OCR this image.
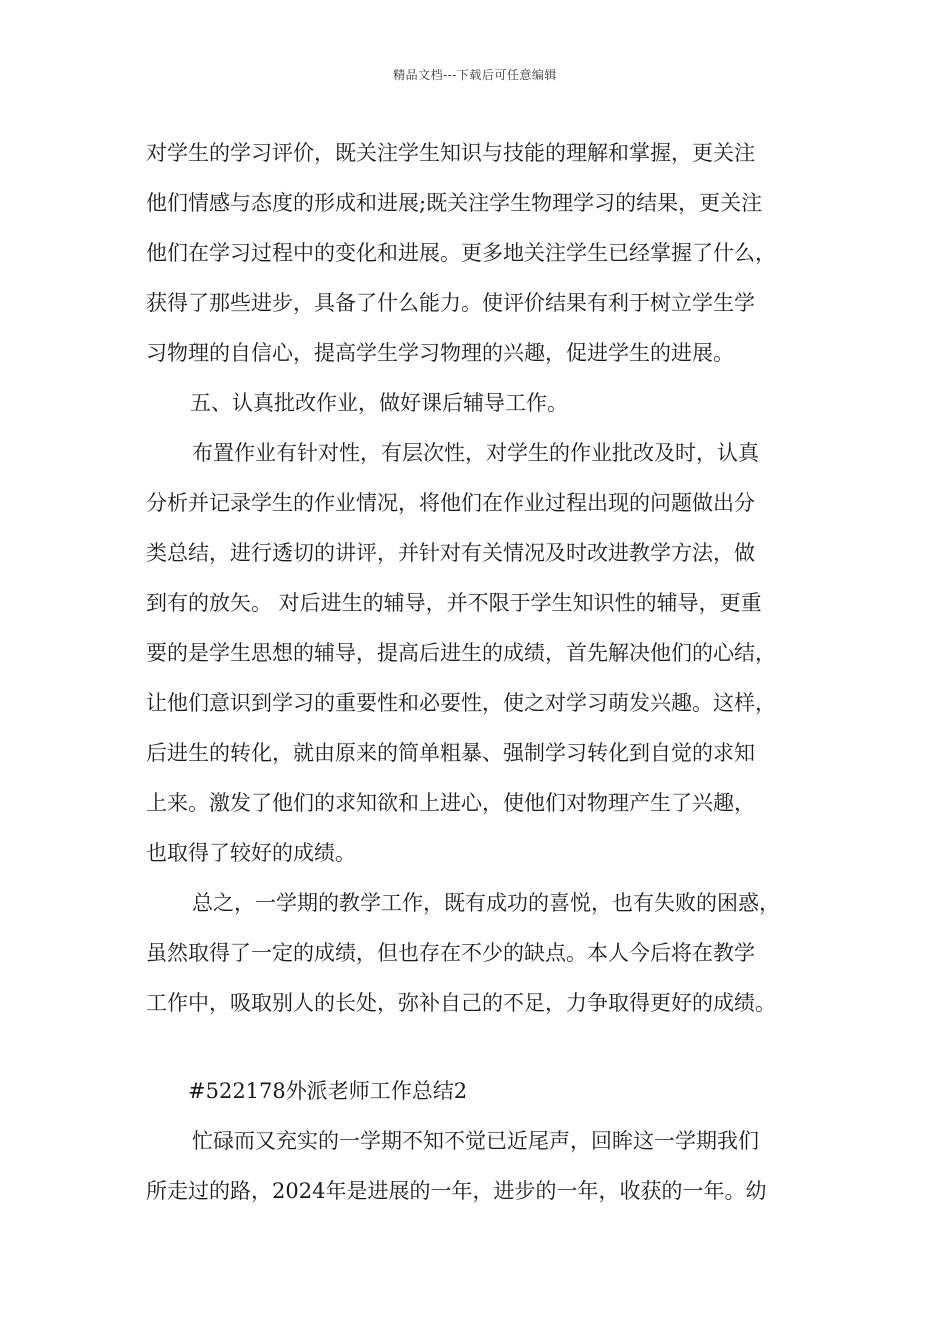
精品文档---下载后可任意编辑
对学生的学习评价，既关注学生知识与技能的理解和掌握，更关注
他们情感与态度的形成和进展;既关注学生物理学习的结果，更关注
他们在学习过程中的变化和进展。更多地关注学生已经掌握了什么，
获得了那些进步，具备了什么能力。使评价结果有利于树立学生学
习物理的自信心，提高学生学习物理的兴趣，促进学生的进展。
五、认真批改作业，做好课后辅导工作。
布置作业有针对性，有层次性，对学生的作业批改及时，认真
分析并记录学生的作业情况，将他们在作业过程出现的问题做出分
类总结，进行透切的讲评，并针对有关情况及时改进教学方法，做
到有的放矢。 对后进生的辅导，并不限于学生知识性的辅导，更重
要的是学生思想的辅导，提高后进生的成绩，首先解决他们的心结，
让他们意识到学习的重要性和必要性，使之对学习萌发兴趣。这样，
后进生的转化，就由原来的简单粗暴、强制学习转化到自觉的求知
上来。激发了他们的求知欲和上进心，使他们对物理产生了兴趣，
也取得了较好的成绩。
总之，一学期的教学工作，既有成功的喜悦，也有失败的困惑，
虽然取得了一定的成绩，但也存在不少的缺点。本人今后将在教学
工作中，吸取别人的长处，弥补自己的不足，力争取得更好的成绩。
#522178外派老师工作总结2
忙碌而又充实的一学期不知不觉已近尾声，回眸这一学期我们
所走过的路，2024年是进展的一年，进步的一年，收获的一年。幼
